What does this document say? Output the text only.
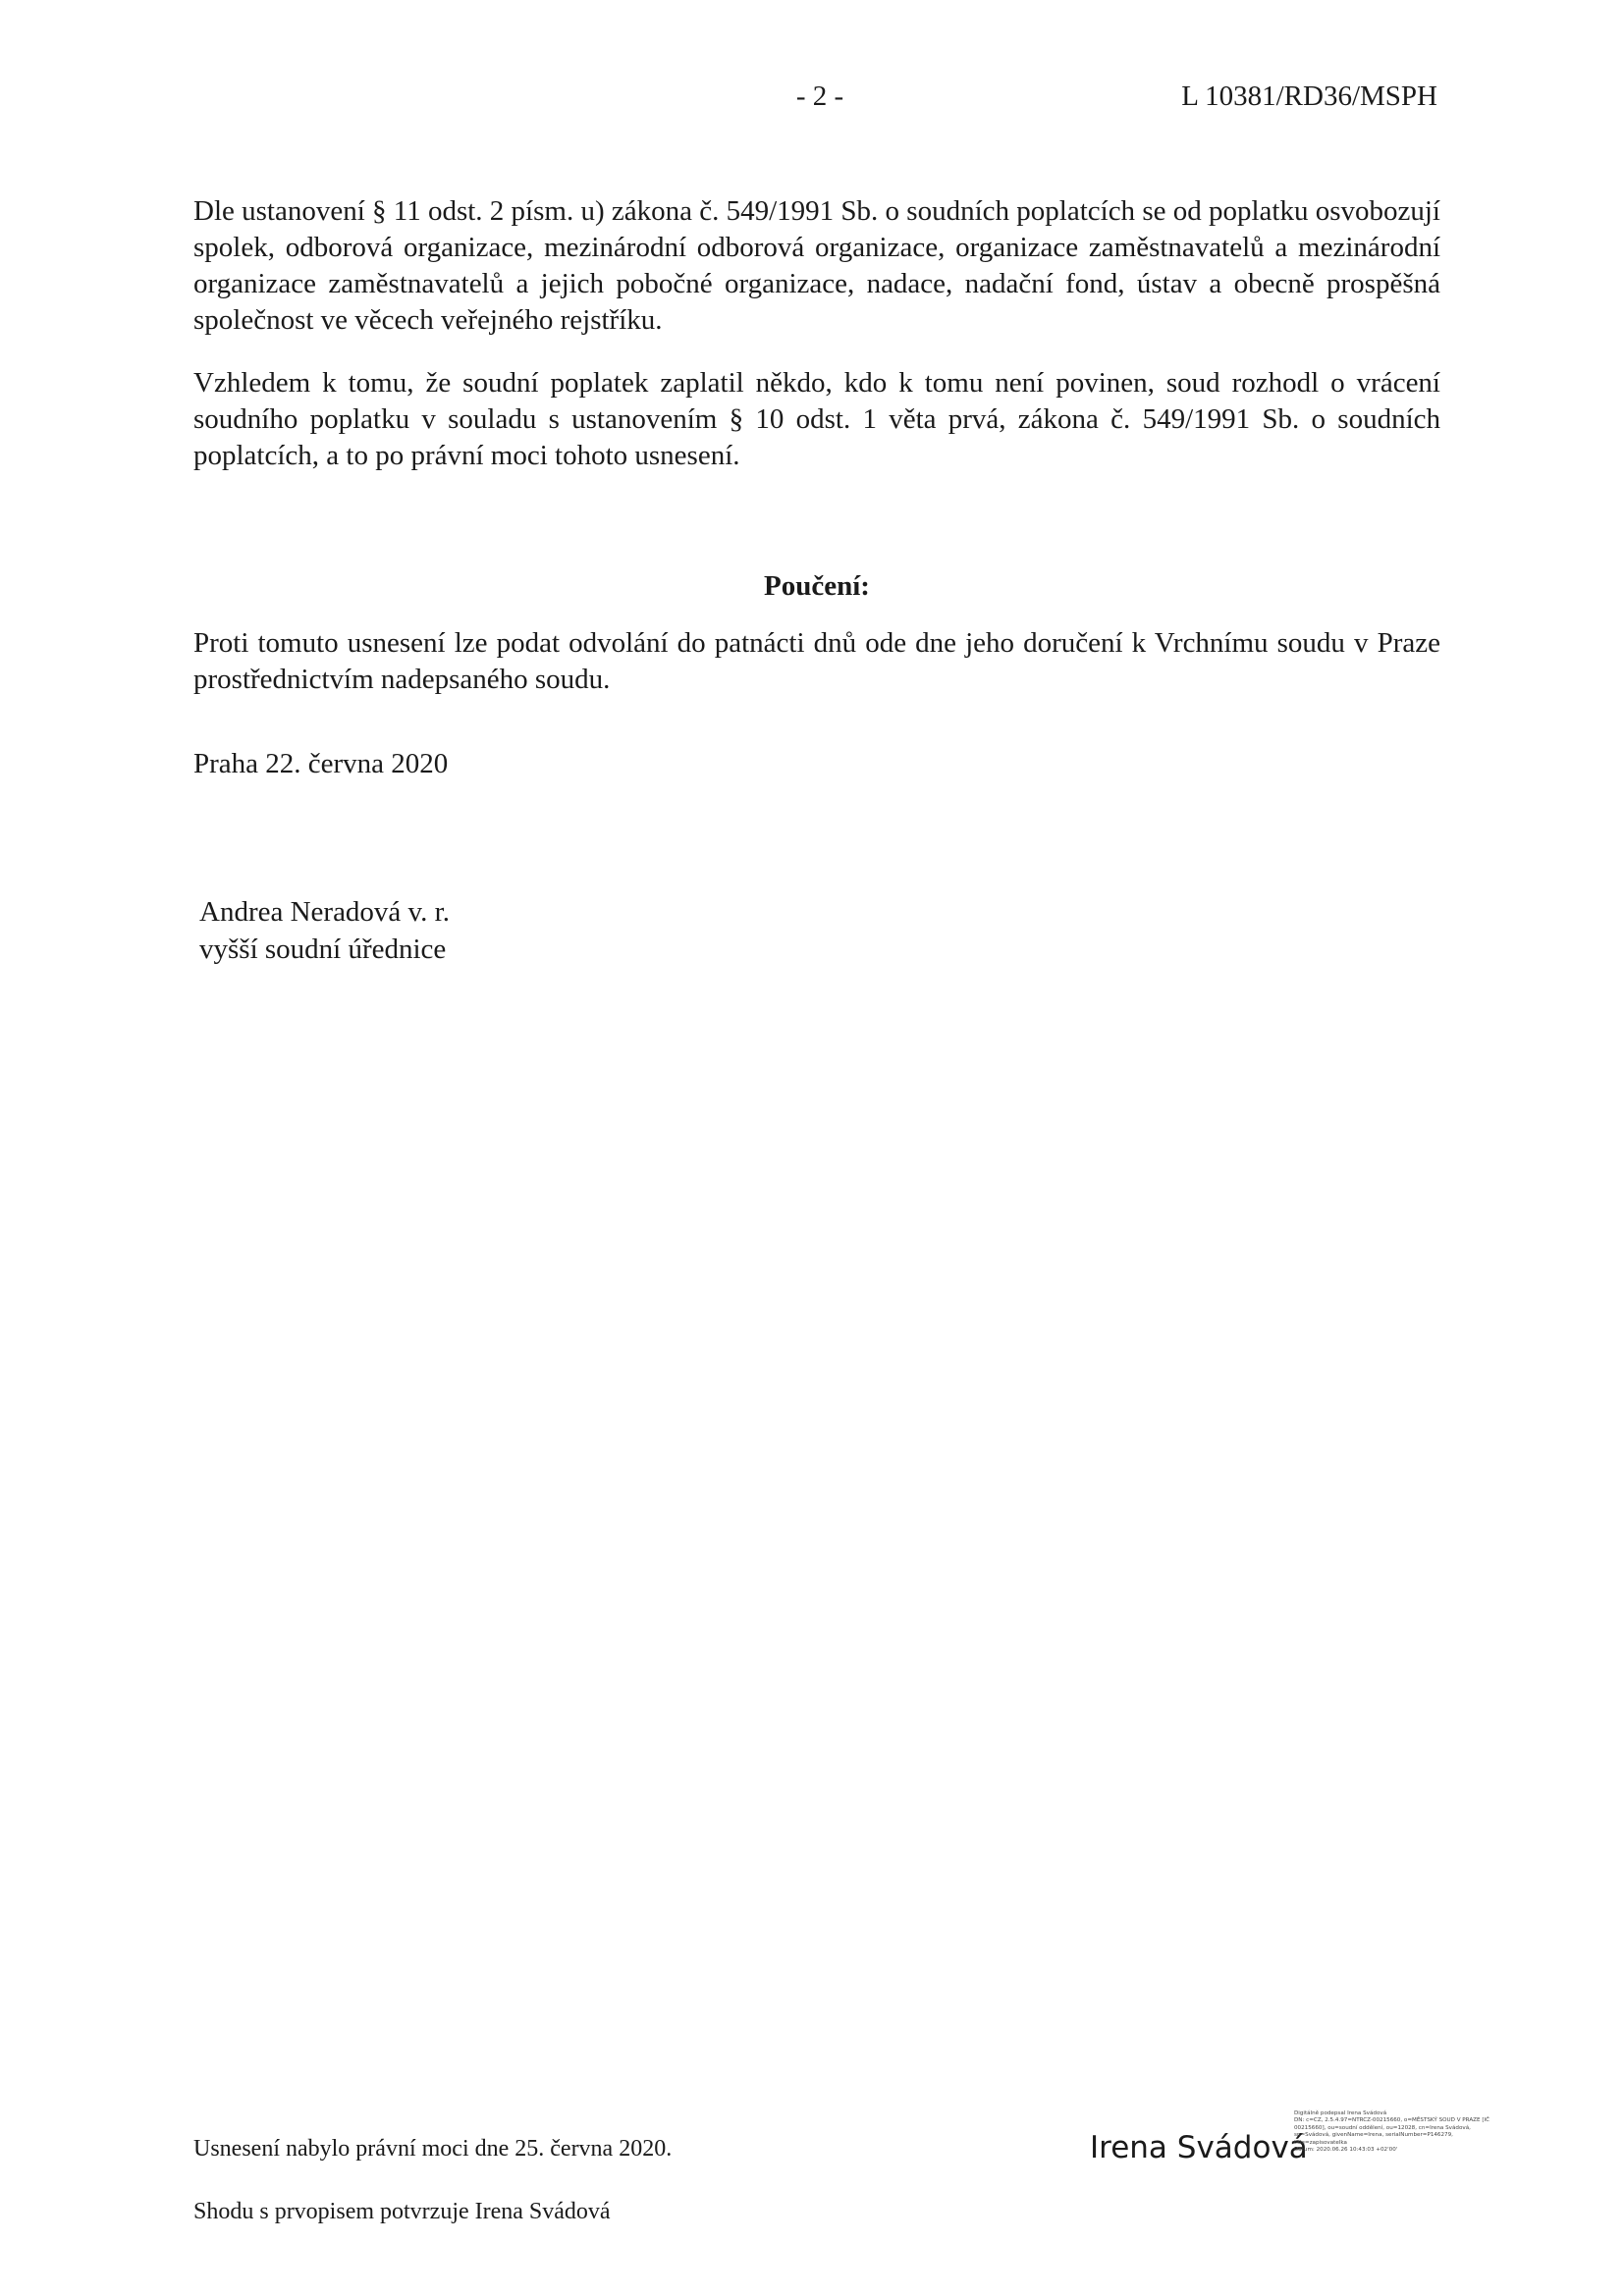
- 2 -	L 10381/RD36/MSPH

Dle ustanovení § 11 odst. 2 písm. u) zákona č. 549/1991 Sb. o soudních poplatcích se od poplatku osvobozují spolek, odborová organizace, mezinárodní odborová organizace, organizace zaměstnavatelů a mezinárodní organizace zaměstnavatelů a jejich pobočné organizace, nadace, nadační fond, ústav a obecně prospěšná společnost ve věcech veřejného rejstříku.

Vzhledem k tomu, že soudní poplatek zaplatil někdo, kdo k tomu není povinen, soud rozhodl o vrácení soudního poplatku v souladu s ustanovením § 10 odst. 1 věta prvá, zákona č. 549/1991 Sb. o soudních poplatcích, a to po právní moci tohoto usnesení.

Poučení:

Proti tomuto usnesení lze podat odvolání do patnácti dnů ode dne jeho doručení k Vrchnímu soudu v Praze prostřednictvím nadepsaného soudu.

Praha 22. června 2020
Andrea Neradová v. r.
vyšší soudní úřednice
Usnesení nabylo právní moci dne 25. června 2020.
Shodu s prvopisem potvrzuje Irena Svádová
Irena Svádová
Digitálně podepsal Irena Svádová
DN: c=CZ, 2.5.4.97=NTRCZ-00215660, o=MĚSTSKÝ SOUD V PRAZE [IČ
00215660], ou=soudní oddělení, ou=12028, cn=Irena Svádová,
sn=Svádová, givenName=Irena, serialNumber=P146279,
title=zapisovatelka
Datum: 2020.06.26 10:43:03 +02'00'
